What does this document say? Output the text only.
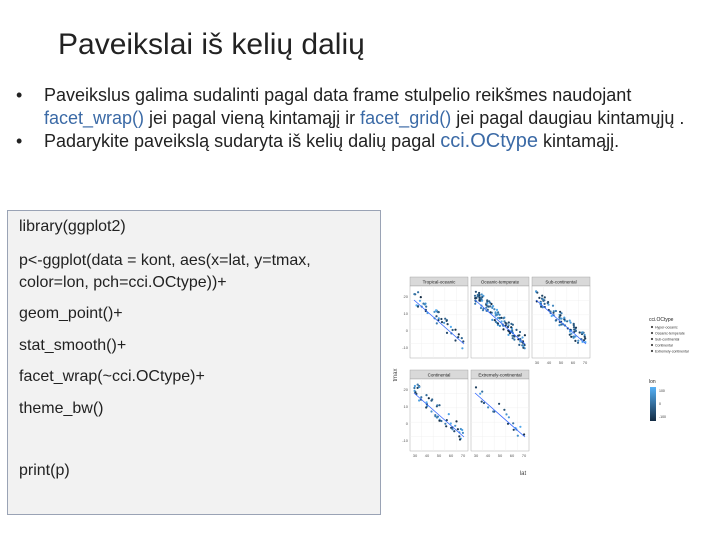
Paveikslai iš kelių dalių

• Paveikslus galima sudalinti pagal data frame stulpelio reikšmes naudojant facet_wrap() jei pagal vieną kintamąjį ir facet_grid() jei pagal daugiau kintamųjų .

• Padarykite paveikslą sudaryta iš kelių dalių pagal cci.OCtype kintamąjį.

library(ggplot2)
p<-ggplot(data = kont, aes(x=lat, y=tmax,
color=lon, pch=cci.OCtype))+
geom_point()+
stat_smooth()+
facet_wrap(~cci.OCtype)+
theme_bw()
print(p)
Tropical-oceanic
20
10
0
-10
Oceanic-temperate	Sub-continental
30 40 50 60 70
Continental
20
10
0
-10
30 40 50 60 70
Extremely-continental
30 40 50 60 70
lat
tmax
cci.OCtype
Hyper-oceanic
Oceanic-temperate
Sub-continental
Continental
Extremely-continental
lon
100
0
-100
